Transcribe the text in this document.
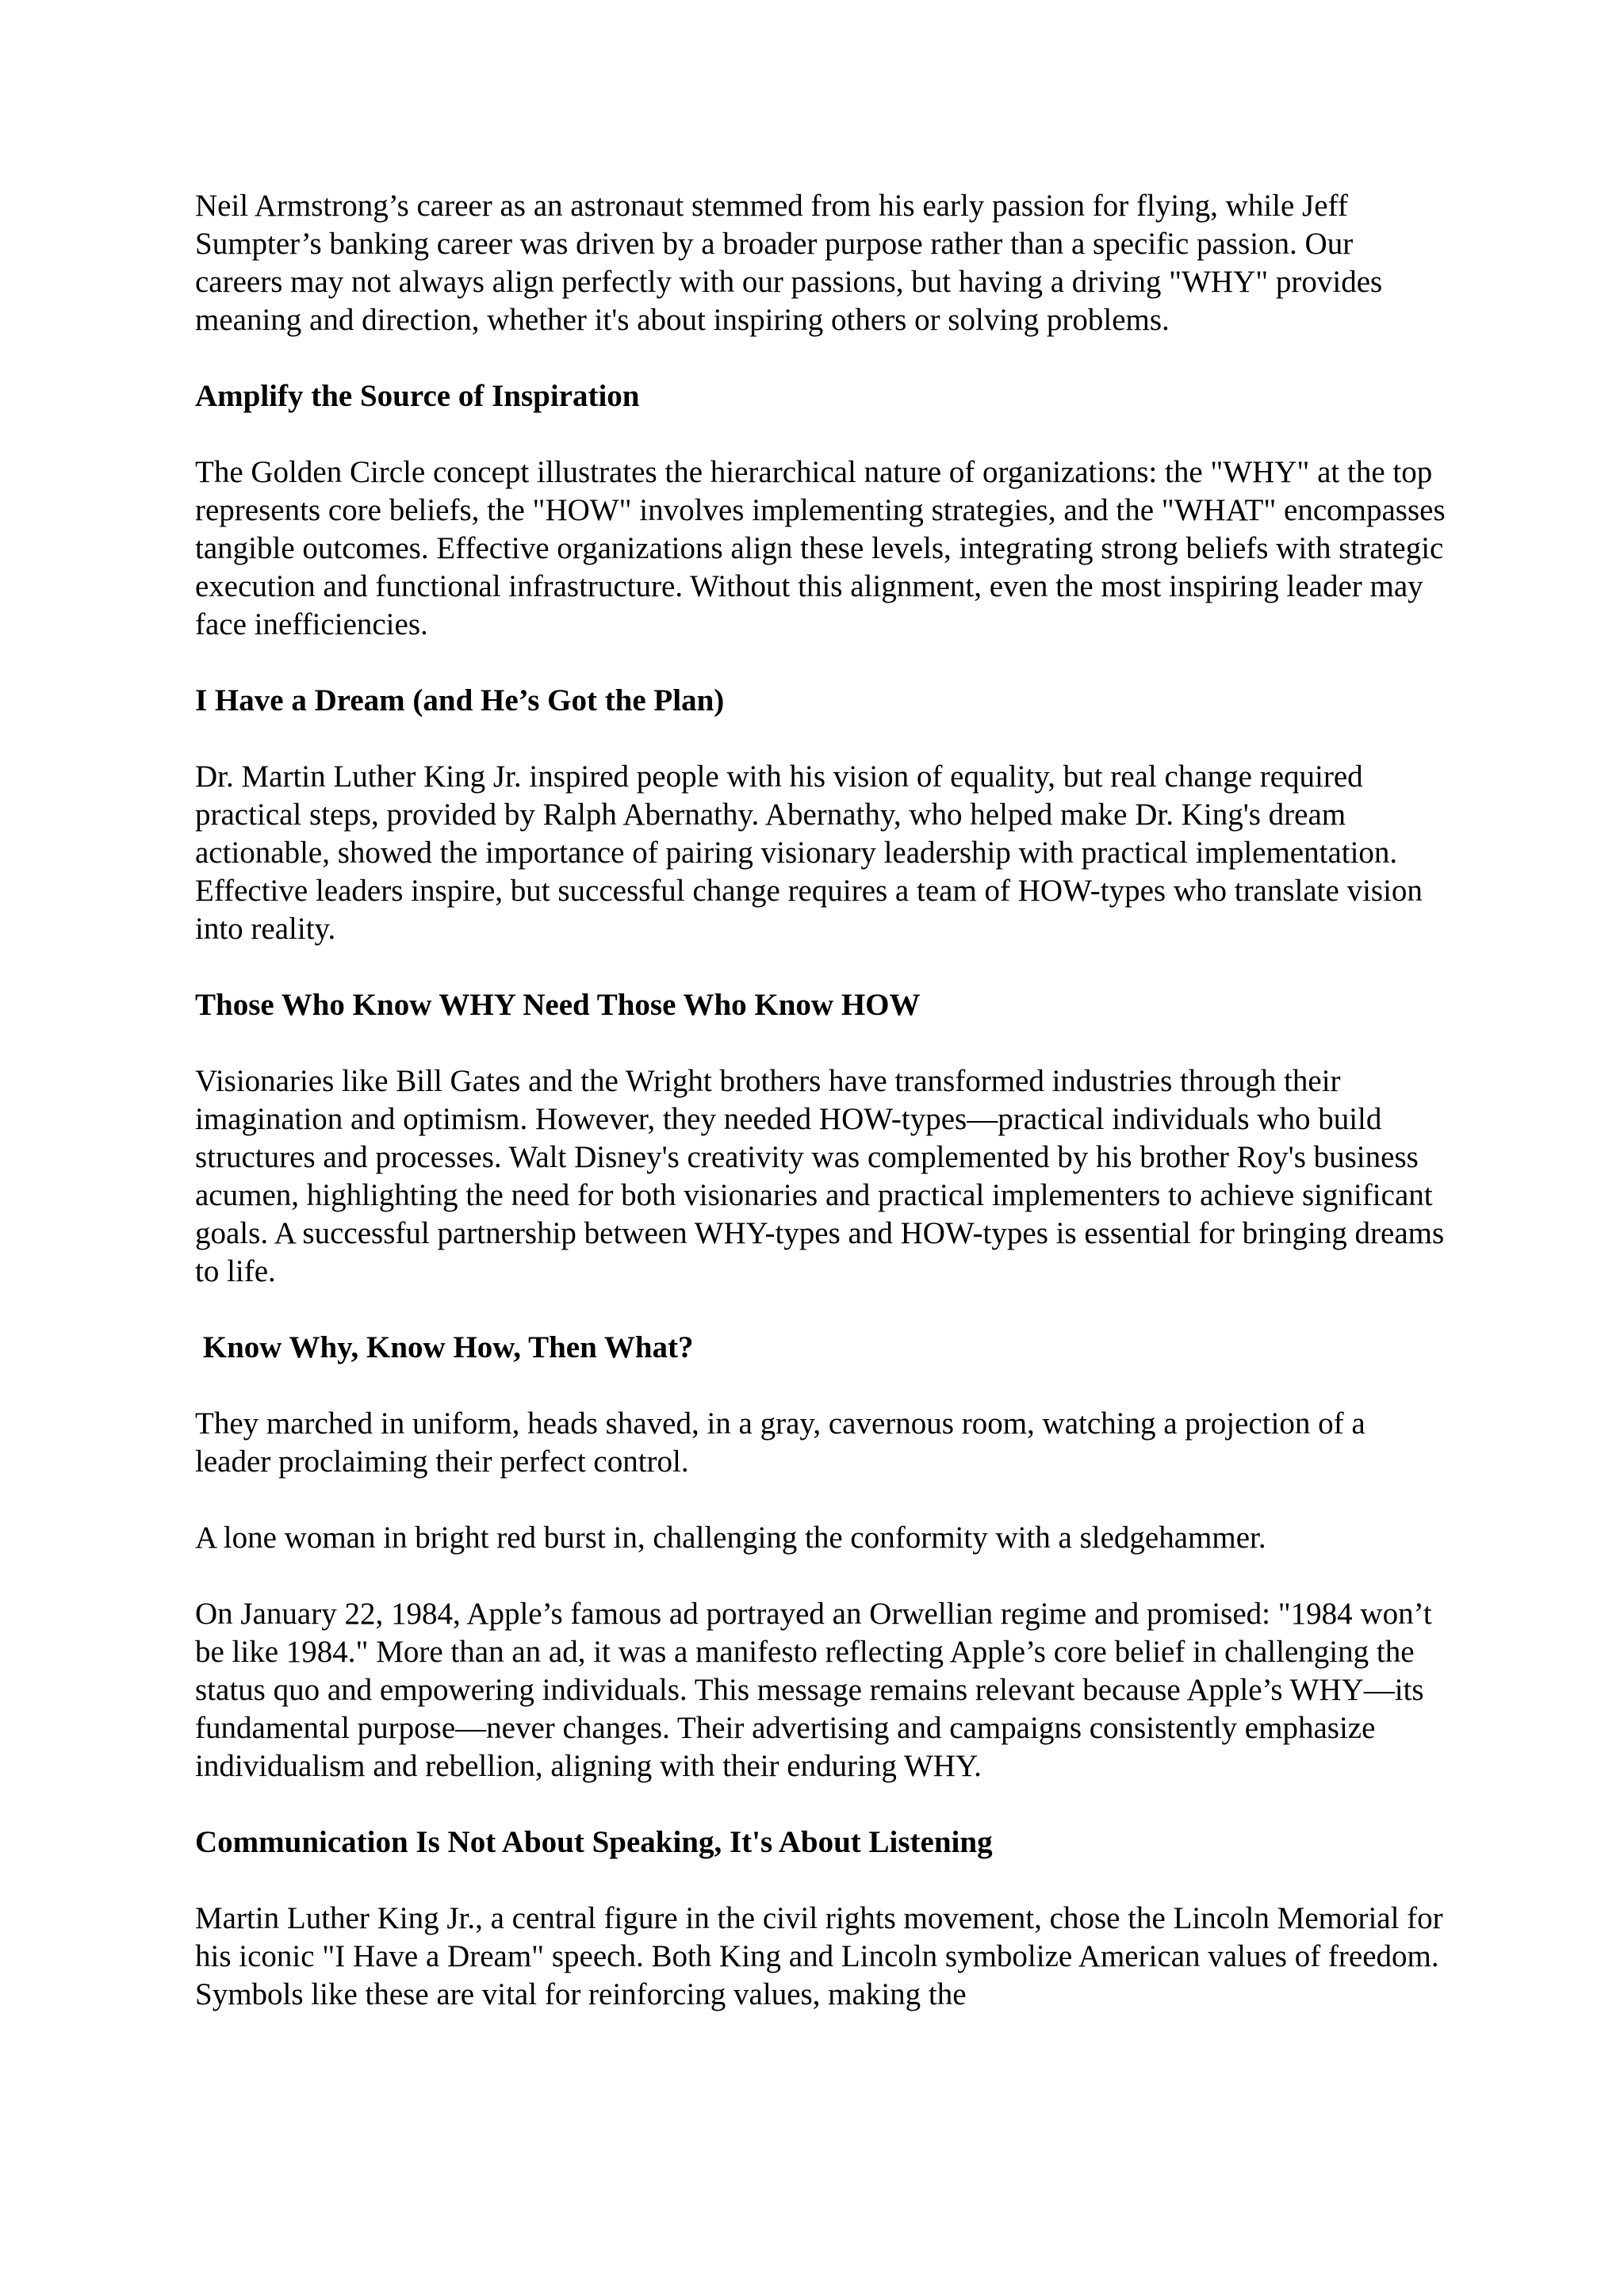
Neil Armstrong’s career as an astronaut stemmed from his early passion for flying, while Jeff Sumpter’s banking career was driven by a broader purpose rather than a specific passion. Our careers may not always align perfectly with our passions, but having a driving "WHY" provides meaning and direction, whether it's about inspiring others or solving problems.

Amplify the Source of Inspiration

The Golden Circle concept illustrates the hierarchical nature of organizations: the "WHY" at the top represents core beliefs, the "HOW" involves implementing strategies, and the "WHAT" encompasses tangible outcomes. Effective organizations align these levels, integrating strong beliefs with strategic execution and functional infrastructure. Without this alignment, even the most inspiring leader may face inefficiencies.

I Have a Dream (and He’s Got the Plan)

Dr. Martin Luther King Jr. inspired people with his vision of equality, but real change required practical steps, provided by Ralph Abernathy. Abernathy, who helped make Dr. King's dream actionable, showed the importance of pairing visionary leadership with practical implementation. Effective leaders inspire, but successful change requires a team of HOW-types who translate vision into reality.

Those Who Know WHY Need Those Who Know HOW

Visionaries like Bill Gates and the Wright brothers have transformed industries through their imagination and optimism. However, they needed HOW-types—practical individuals who build structures and processes. Walt Disney's creativity was complemented by his brother Roy's business acumen, highlighting the need for both visionaries and practical implementers to achieve significant goals. A successful partnership between WHY-types and HOW-types is essential for bringing dreams to life.

Know Why, Know How, Then What?

They marched in uniform, heads shaved, in a gray, cavernous room, watching a projection of a leader proclaiming their perfect control.

A lone woman in bright red burst in, challenging the conformity with a sledgehammer.

On January 22, 1984, Apple’s famous ad portrayed an Orwellian regime and promised: "1984 won’t be like 1984." More than an ad, it was a manifesto reflecting Apple’s core belief in challenging the status quo and empowering individuals. This message remains relevant because Apple’s WHY—its fundamental purpose—never changes. Their advertising and campaigns consistently emphasize individualism and rebellion, aligning with their enduring WHY.

Communication Is Not About Speaking, It's About Listening

Martin Luther King Jr., a central figure in the civil rights movement, chose the Lincoln Memorial for his iconic "I Have a Dream" speech. Both King and Lincoln symbolize American values of freedom. Symbols like these are vital for reinforcing values, making the
